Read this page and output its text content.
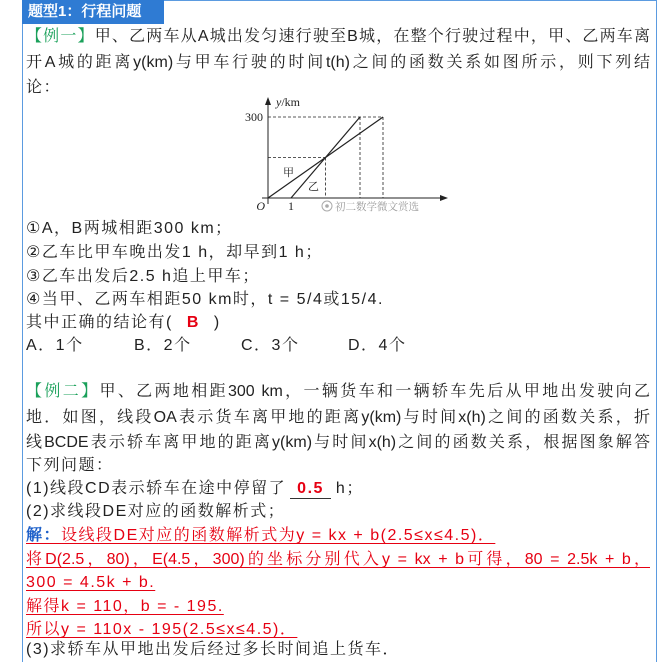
题型1：行程问题
【例一】甲、乙两车从A城出发匀速行驶至B城，在整个行驶过程中，甲、乙两车离
开A城的距离y(km)与甲车行驶的时间t(h)之间的函数关系如图所示，则下列结
论：
y/km
300
O 1
甲
乙
初二数学微文赏选
①A，B两城相距300 km；
②乙车比甲车晚出发1 h，却早到1 h；
③乙车出发后2.5 h追上甲车；
④当甲、乙两车相距50 km时，t = 5/4或15/4.
其中正确的结论有( B )
A．1个	B．2个	C．3个	D．4个
【例二】甲、乙两地相距300 km，一辆货车和一辆轿车先后从甲地出发驶向乙
地．如图，线段OA表示货车离甲地的距离y(km)与时间x(h)之间的函数关系，折
线BCDE表示轿车离甲地的距离y(km)与时间x(h)之间的函数关系，根据图象解答
下列问题：
(1)线段CD表示轿车在途中停留了 0.5 h；
(2)求线段DE对应的函数解析式；
解：设线段DE对应的函数解析式为y = kx + b(2.5≤x≤4.5)．
将D(2.5，80)，E(4.5，300)的坐标分别代入y = kx + b可得，80 = 2.5k + b，
300 = 4.5k + b.
解得k = 110，b = - 195.
所以y = 110x - 195(2.5≤x≤4.5)．
(3)求轿车从甲地出发后经过多长时间追上货车．
